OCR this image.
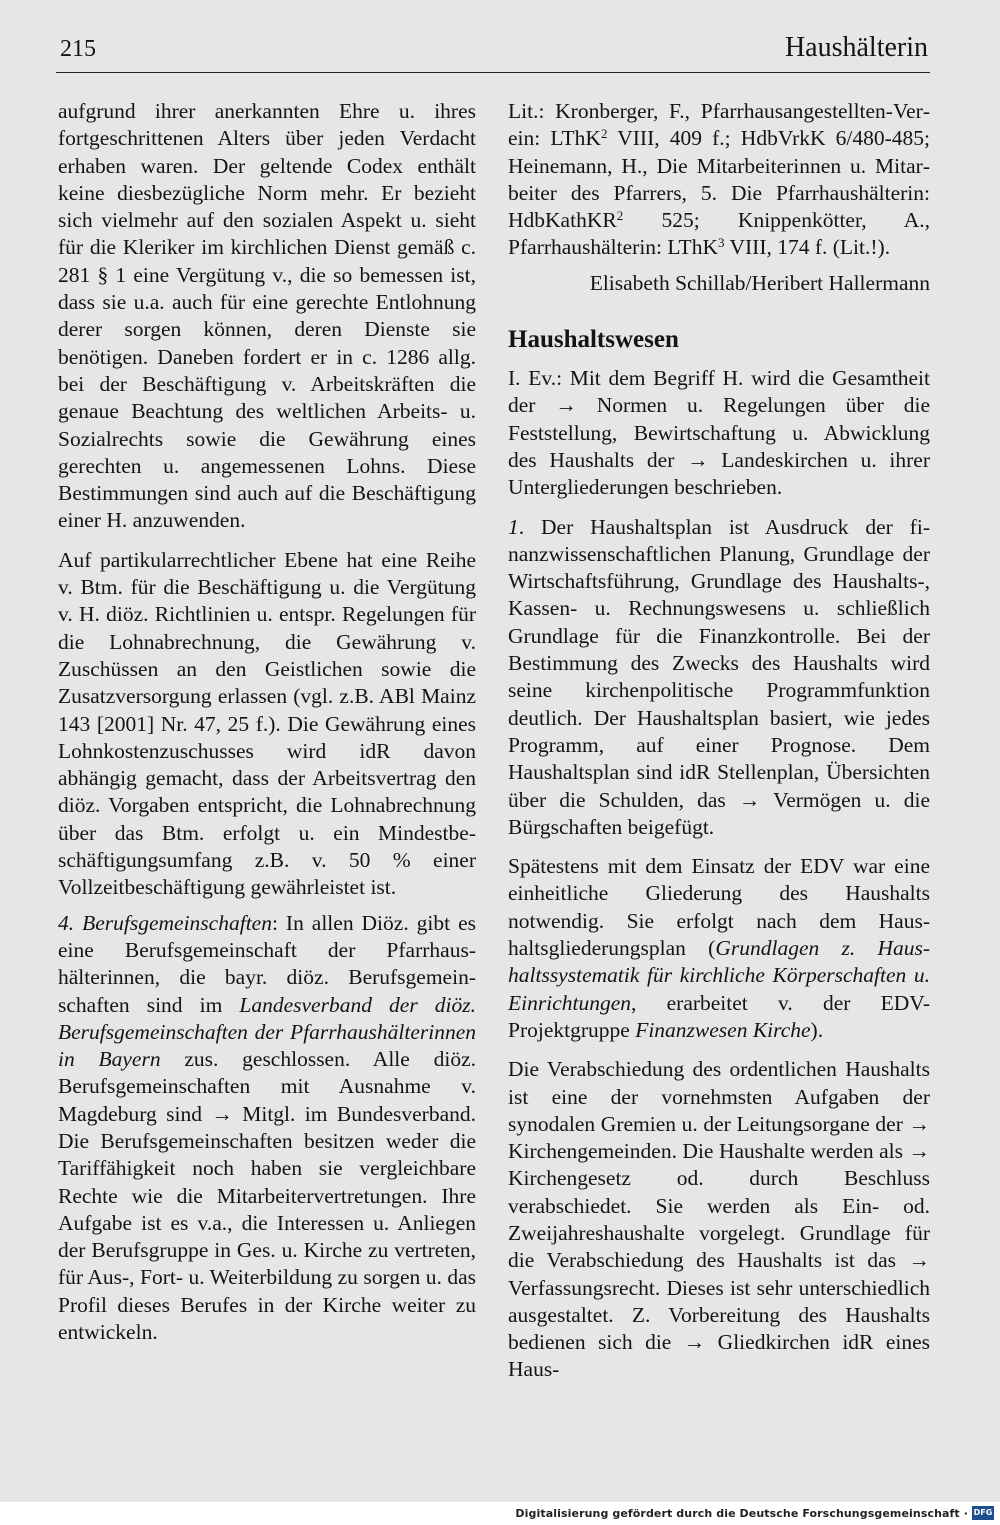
215	Haushälterin

aufgrund ihrer anerkannten Ehre u. ihres fortgeschrittenen Alters über jeden Verdacht erhaben waren. Der geltende Codex enthält keine diesbezügliche Norm mehr. Er bezieht sich vielmehr auf den sozialen Aspekt u. sieht für die Kleriker im kirchlichen Dienst gemäß c. 281 § 1 eine Vergütung v., die so bemessen ist, dass sie u.a. auch für eine gerechte Entlohnung derer sorgen können, deren Dienste sie benötigen. Daneben fordert er in c. 1286 allg. bei der Beschäftigung v. Arbeitskräften die genaue Beachtung des weltlichen Arbeits- u. Sozialrechts sowie die Gewährung eines gerechten u. angemessenen Lohns. Diese Bestimmungen sind auch auf die Beschäftigung einer H. anzuwenden.

Auf partikularrechtlicher Ebene hat eine Reihe v. Btm. für die Beschäftigung u. die Vergütung v. H. diöz. Richtlinien u. entspr. Regelungen für die Lohnabrechnung, die Gewährung v. Zuschüssen an den Geistlichen sowie die Zusatzversorgung erlassen (vgl. z.B. ABl Mainz 143 [2001] Nr. 47, 25 f.). Die Gewährung eines Lohnkostenzuschusses wird idR davon abhängig gemacht, dass der Arbeitsvertrag den diöz. Vorgaben entspricht, die Lohnabrechnung über das Btm. erfolgt u. ein Mindestbeschäftigungsumfang z.B. v. 50 % einer Vollzeitbeschäftigung gewährleistet ist.

4. Berufsgemeinschaften: In allen Diöz. gibt es eine Berufsgemeinschaft der Pfarrhaushälterinnen, die bayr. diöz. Berufsgemeinschaften sind im Landesverband der diöz. Berufsgemeinschaften der Pfarrhaushälterinnen in Bayern zus. geschlossen. Alle diöz. Berufsgemeinschaften mit Ausnahme v. Magdeburg sind → Mitgl. im Bundesverband. Die Berufsgemeinschaften besitzen weder die Tariffähigkeit noch haben sie vergleichbare Rechte wie die Mitarbeitervertretungen. Ihre Aufgabe ist es v.a., die Interessen u. Anliegen der Berufsgruppe in Ges. u. Kirche zu vertreten, für Aus-, Fort- u. Weiterbildung zu sorgen u. das Profil dieses Berufes in der Kirche weiter zu entwickeln.

Lit.: Kronberger, F., Pfarrhausangestellten-Verein: LThK$^2$ VIII, 409 f.; HdbVrkK 6/480-485; Heinemann, H., Die Mitarbeiterinnen u. Mitarbeiter des Pfarrers, 5. Die Pfarrhaushälterin: HdbKathKR$^2$ 525; Knippenkötter, A., Pfarrhaushälterin: LThK$^3$ VIII, 174 f. (Lit.!).

Elisabeth Schillab/Heribert Hallermann

Haushaltswesen

I. Ev.: Mit dem Begriff H. wird die Gesamtheit der → Normen u. Regelungen über die Feststellung, Bewirtschaftung u. Abwicklung des Haushalts der → Landeskirchen u. ihrer Untergliederungen beschrieben.

1. Der Haushaltsplan ist Ausdruck der finanzwissenschaftlichen Planung, Grundlage der Wirtschaftsführung, Grundlage des Haushalts-, Kassen- u. Rechnungswesens u. schließlich Grundlage für die Finanzkontrolle. Bei der Bestimmung des Zwecks des Haushalts wird seine kirchenpolitische Programmfunktion deutlich. Der Haushaltsplan basiert, wie jedes Programm, auf einer Prognose. Dem Haushaltsplan sind idR Stellenplan, Übersichten über die Schulden, das → Vermögen u. die Bürgschaften beigefügt.

Spätestens mit dem Einsatz der EDV war eine einheitliche Gliederung des Haushalts notwendig. Sie erfolgt nach dem Haushaltsgliederungsplan (Grundlagen z. Haushaltssystematik für kirchliche Körperschaften u. Einrichtungen, erarbeitet v. der EDV-Projektgruppe Finanzwesen Kirche).

Die Verabschiedung des ordentlichen Haushalts ist eine der vornehmsten Aufgaben der synodalen Gremien u. der Leitungsorgane der → Kirchengemeinden. Die Haushalte werden als → Kirchengesetz od. durch Beschluss verabschiedet. Sie werden als Ein- od. Zweijahreshaushalte vorgelegt. Grundlage für die Verabschiedung des Haushalts ist das → Verfassungsrecht. Dieses ist sehr unterschiedlich ausgestaltet. Z. Vorbereitung des Haushalts bedienen sich die → Gliedkirchen idR eines Haus-

Digitalisierung gefördert durch die Deutsche Forschungsgemeinschaft · DFG
